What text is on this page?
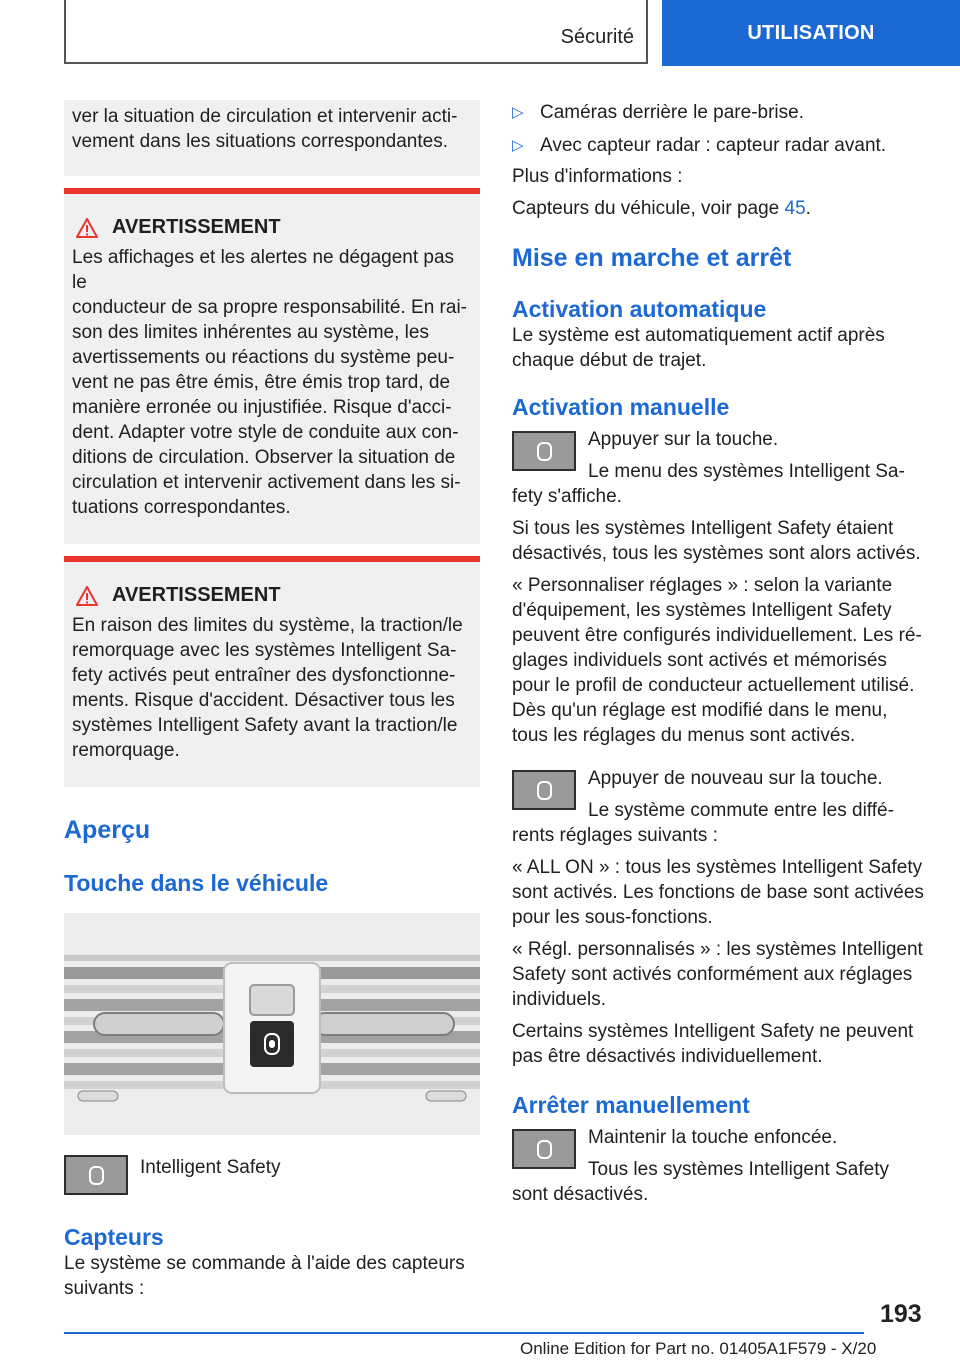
Sécurité	UTILISATION

ver la situation de circulation et intervenir acti-

vement dans les situations correspondantes.

AVERTISSEMENT

Les affichages et les alertes ne dégagent pas le

conducteur de sa propre responsabilité. En rai-

son des limites inhérentes au système, les

avertissements ou réactions du système peu-

vent ne pas être émis, être émis trop tard, de

manière erronée ou injustifiée. Risque d'acci-

dent. Adapter votre style de conduite aux con-

ditions de circulation. Observer la situation de

circulation et intervenir activement dans les si-

tuations correspondantes.

AVERTISSEMENT

En raison des limites du système, la traction/le

remorquage avec les systèmes Intelligent Sa-

fety activés peut entraîner des dysfonctionne-

ments. Risque d'accident. Désactiver tous les

systèmes Intelligent Safety avant la traction/le

remorquage.

Aperçu
Touche dans le véhicule

Intelligent Safety

Capteurs

Le système se commande à l'aide des capteurs

suivants :

▷ Caméras derrière le pare-brise.

▷ Avec capteur radar : capteur radar avant.

Plus d'informations :

Capteurs du véhicule, voir page 45.

Mise en marche et arrêt
Activation automatique

Le système est automatiquement actif après

chaque début de trajet.

Activation manuelle

Appuyer sur la touche.

Le menu des systèmes Intelligent Sa-

fety s'affiche.

Si tous les systèmes Intelligent Safety étaient

désactivés, tous les systèmes sont alors activés.

« Personnaliser réglages » : selon la variante

d'équipement, les systèmes Intelligent Safety

peuvent être configurés individuellement. Les ré-

glages individuels sont activés et mémorisés

pour le profil de conducteur actuellement utilisé.

Dès qu'un réglage est modifié dans le menu,

tous les réglages du menus sont activés.

Appuyer de nouveau sur la touche.

Le système commute entre les diffé-

rents réglages suivants :

« ALL ON » : tous les systèmes Intelligent Safety

sont activés. Les fonctions de base sont activées

pour les sous-fonctions.

« Régl. personnalisés » : les systèmes Intelligent

Safety sont activés conformément aux réglages

individuels.

Certains systèmes Intelligent Safety ne peuvent

pas être désactivés individuellement.

Arrêter manuellement

Maintenir la touche enfoncée.

Tous les systèmes Intelligent Safety

sont désactivés.

193
Online Edition for Part no. 01405A1F579 - X/20
